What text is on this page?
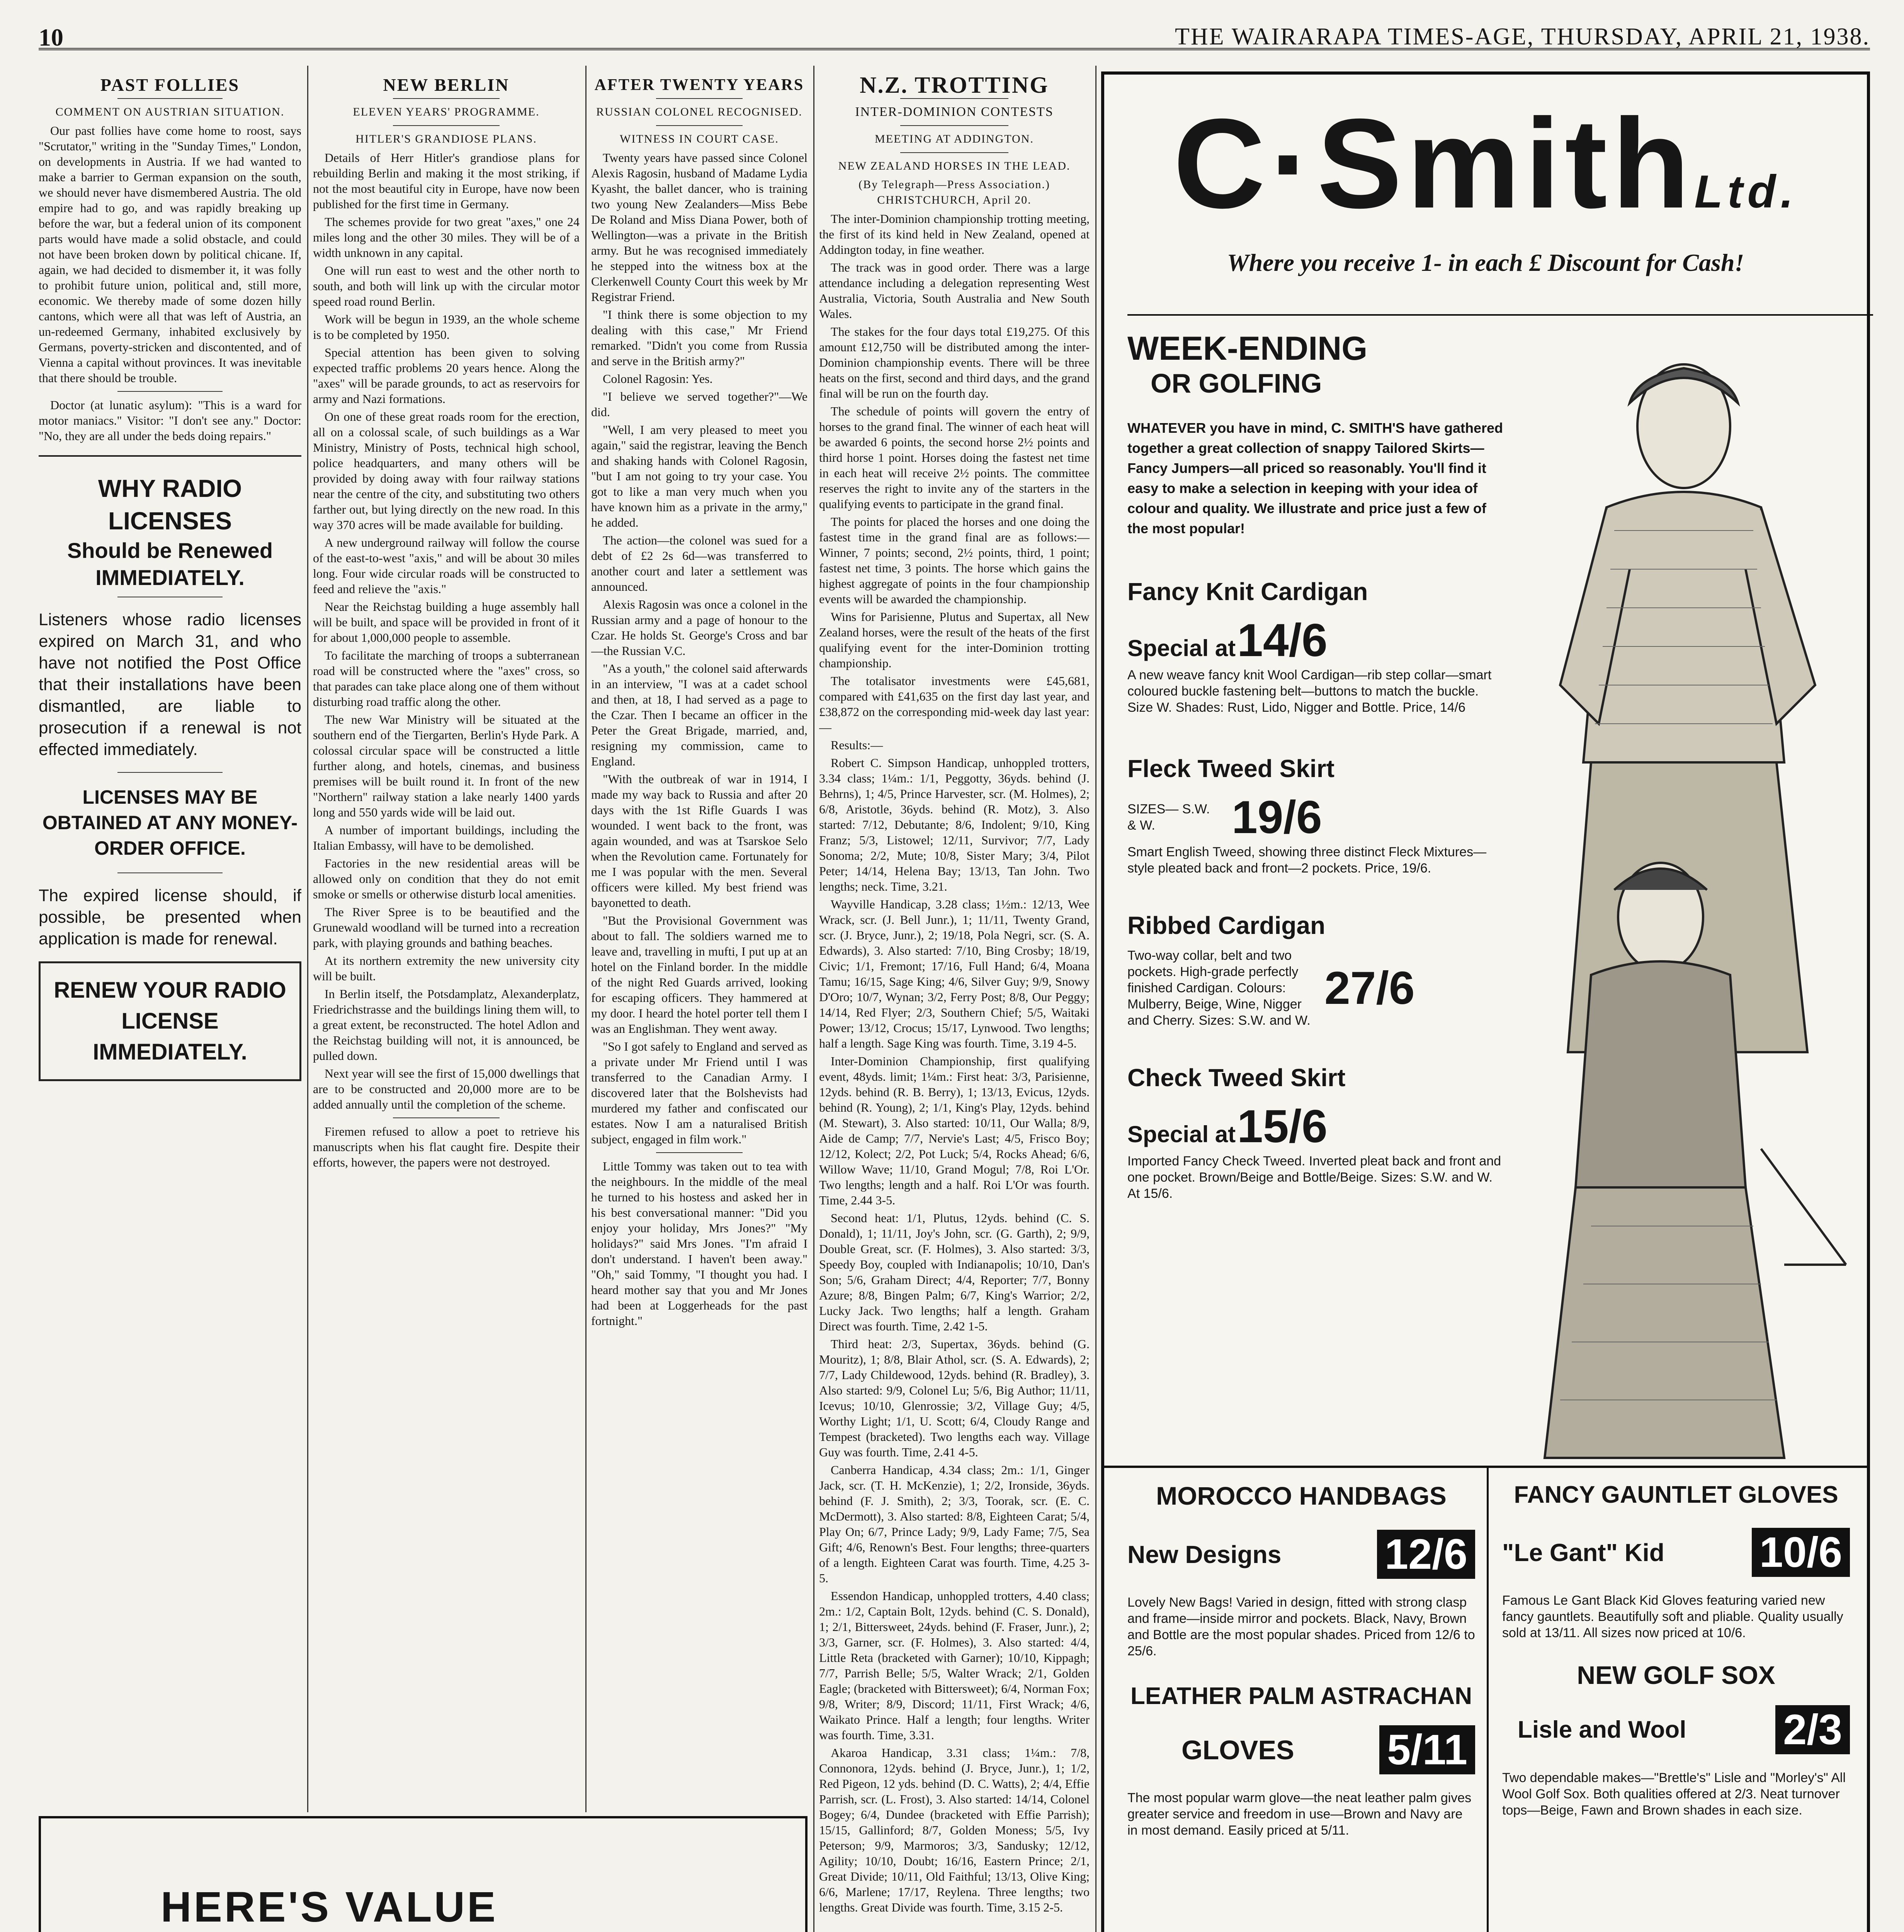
10	THE WAIRARAPA TIMES-AGE, THURSDAY, APRIL 21, 1938.
PAST FOLLIES
COMMENT ON AUSTRIAN SITUATION.

Our past follies have come home to roost, says "Scrutator," writing in the "Sunday Times," London, on developments in Austria. If we had wanted to make a barrier to German expansion on the south, we should never have dismembered Austria. The old empire had to go, and was rapidly breaking up before the war, but a federal union of its component parts would have made a solid obstacle, and could not have been broken down by political chicane. If, again, we had decided to dismember it, it was folly to prohibit future union, political and, still more, economic. We thereby made of some dozen hilly cantons, which were all that was left of Austria, an un-redeemed Germany, inhabited exclusively by Germans, poverty-stricken and discontented, and of Vienna a capital without provinces. It was inevitable that there should be trouble.

Doctor (at lunatic asylum): "This is a ward for motor maniacs." Visitor: "I don't see any." Doctor: "No, they are all under the beds doing repairs."

WHY RADIO LICENSES
Should be Renewed IMMEDIATELY.
Listeners whose radio licenses expired on March 31, and who have not notified the Post Office that their installations have been dismantled, are liable to prosecution if a renewal is not effected immediately.
LICENSES MAY BE OBTAINED AT ANY MONEY-ORDER OFFICE.
The expired license should, if possible, be presented when application is made for renewal.
RENEW YOUR RADIO LICENSE IMMEDIATELY.
NEW BERLIN
ELEVEN YEARS' PROGRAMME.
HITLER'S GRANDIOSE PLANS.

Details of Herr Hitler's grandiose plans for rebuilding Berlin and making it the most striking, if not the most beautiful city in Europe, have now been published for the first time in Germany.

The schemes provide for two great "axes," one 24 miles long and the other 30 miles. They will be of a width unknown in any capital.

One will run east to west and the other north to south, and both will link up with the circular motor speed road round Berlin.

Work will be begun in 1939, an the whole scheme is to be completed by 1950.

Special attention has been given to solving expected traffic problems 20 years hence. Along the "axes" will be parade grounds, to act as reservoirs for army and Nazi formations.

On one of these great roads room for the erection, all on a colossal scale, of such buildings as a War Ministry, Ministry of Posts, technical high school, police headquarters, and many others will be provided by doing away with four railway stations near the centre of the city, and substituting two others farther out, but lying directly on the new road. In this way 370 acres will be made available for building.

A new underground railway will follow the course of the east-to-west "axis," and will be about 30 miles long. Four wide circular roads will be constructed to feed and relieve the "axis."

Near the Reichstag building a huge assembly hall will be built, and space will be provided in front of it for about 1,000,000 people to assemble.

To facilitate the marching of troops a subterranean road will be constructed where the "axes" cross, so that parades can take place along one of them without disturbing road traffic along the other.

The new War Ministry will be situated at the southern end of the Tiergarten, Berlin's Hyde Park. A colossal circular space will be constructed a little further along, and hotels, cinemas, and business premises will be built round it. In front of the new "Northern" railway station a lake nearly 1400 yards long and 550 yards wide will be laid out.

A number of important buildings, including the Italian Embassy, will have to be demolished.

Factories in the new residential areas will be allowed only on condition that they do not emit smoke or smells or otherwise disturb local amenities.

The River Spree is to be beautified and the Grunewald woodland will be turned into a recreation park, with playing grounds and bathing beaches.

At its northern extremity the new university city will be built.

In Berlin itself, the Potsdamplatz, Alexanderplatz, Friedrichstrasse and the buildings lining them will, to a great extent, be reconstructed. The hotel Adlon and the Reichstag building will not, it is announced, be pulled down.

Next year will see the first of 15,000 dwellings that are to be constructed and 20,000 more are to be added annually until the completion of the scheme.

Firemen refused to allow a poet to retrieve his manuscripts when his flat caught fire. Despite their efforts, however, the papers were not destroyed.

AFTER TWENTY YEARS
RUSSIAN COLONEL RECOGNISED.
WITNESS IN COURT CASE.

Twenty years have passed since Colonel Alexis Ragosin, husband of Madame Lydia Kyasht, the ballet dancer, who is training two young New Zealanders—Miss Bebe De Roland and Miss Diana Power, both of Wellington—was a private in the British army. But he was recognised immediately he stepped into the witness box at the Clerkenwell County Court this week by Mr Registrar Friend.

"I think there is some objection to my dealing with this case," Mr Friend remarked. "Didn't you come from Russia and serve in the British army?"

Colonel Ragosin: Yes.

"I believe we served together?"—We did.

"Well, I am very pleased to meet you again," said the registrar, leaving the Bench and shaking hands with Colonel Ragosin, "but I am not going to try your case. You got to like a man very much when you have known him as a private in the army," he added.

The action—the colonel was sued for a debt of £2 2s 6d—was transferred to another court and later a settlement was announced.

Alexis Ragosin was once a colonel in the Russian army and a page of honour to the Czar. He holds St. George's Cross and bar—the Russian V.C.

"As a youth," the colonel said afterwards in an interview, "I was at a cadet school and then, at 18, I had served as a page to the Czar. Then I became an officer in the Peter the Great Brigade, married, and, resigning my commission, came to England.

"With the outbreak of war in 1914, I made my way back to Russia and after 20 days with the 1st Rifle Guards I was wounded. I went back to the front, was again wounded, and was at Tsarskoe Selo when the Revolution came. Fortunately for me I was popular with the men. Several officers were killed. My best friend was bayonetted to death.

"But the Provisional Government was about to fall. The soldiers warned me to leave and, travelling in mufti, I put up at an hotel on the Finland border. In the middle of the night Red Guards arrived, looking for escaping officers. They hammered at my door. I heard the hotel porter tell them I was an Englishman. They went away.

"So I got safely to England and served as a private under Mr Friend until I was transferred to the Canadian Army. I discovered later that the Bolshevists had murdered my father and confiscated our estates. Now I am a naturalised British subject, engaged in film work."

Little Tommy was taken out to tea with the neighbours. In the middle of the meal he turned to his hostess and asked her in his best conversational manner: "Did you enjoy your holiday, Mrs Jones?" "My holidays?" said Mrs Jones. "I'm afraid I don't understand. I haven't been away." "Oh," said Tommy, "I thought you had. I heard mother say that you and Mr Jones had been at Loggerheads for the past fortnight."

N.Z. TROTTING
INTER-DOMINION CONTESTS
MEETING AT ADDINGTON.
NEW ZEALAND HORSES IN THE LEAD.
(By Telegraph—Press Association.) CHRISTCHURCH, April 20.

The inter-Dominion championship trotting meeting, the first of its kind held in New Zealand, opened at Addington today, in fine weather.

The track was in good order. There was a large attendance including a delegation representing West Australia, Victoria, South Australia and New South Wales.

The stakes for the four days total £19,275. Of this amount £12,750 will be distributed among the inter-Dominion championship events. There will be three heats on the first, second and third days, and the grand final will be run on the fourth day.

The schedule of points will govern the entry of horses to the grand final. The winner of each heat will be awarded 6 points, the second horse 2½ points and third horse 1 point. Horses doing the fastest net time in each heat will receive 2½ points. The committee reserves the right to invite any of the starters in the qualifying events to participate in the grand final.

The points for placed the horses and one doing the fastest time in the grand final are as follows:—Winner, 7 points; second, 2½ points, third, 1 point; fastest net time, 3 points. The horse which gains the highest aggregate of points in the four championship events will be awarded the championship.

Wins for Parisienne, Plutus and Supertax, all New Zealand horses, were the result of the heats of the first qualifying event for the inter-Dominion trotting championship.

The totalisator investments were £45,681, compared with £41,635 on the first day last year, and £38,872 on the corresponding mid-week day last year:—

Results:—

Robert C. Simpson Handicap, unhoppled trotters, 3.34 class; 1¼m.: 1/1, Peggotty, 36yds. behind (J. Behrns), 1; 4/5, Prince Harvester, scr. (M. Holmes), 2; 6/8, Aristotle, 36yds. behind (R. Motz), 3. Also started: 7/12, Debutante; 8/6, Indolent; 9/10, King Franz; 5/3, Listowel; 12/11, Survivor; 7/7, Lady Sonoma; 2/2, Mute; 10/8, Sister Mary; 3/4, Pilot Peter; 14/14, Helena Bay; 13/13, Tan John. Two lengths; neck. Time, 3.21.

Wayville Handicap, 3.28 class; 1½m.: 12/13, Wee Wrack, scr. (J. Bell Junr.), 1; 11/11, Twenty Grand, scr. (J. Bryce, Junr.), 2; 19/18, Pola Negri, scr. (S. A. Edwards), 3. Also started: 7/10, Bing Crosby; 18/19, Civic; 1/1, Fremont; 17/16, Full Hand; 6/4, Moana Tamu; 16/15, Sage King; 4/6, Silver Guy; 9/9, Snowy D'Oro; 10/7, Wynan; 3/2, Ferry Post; 8/8, Our Peggy; 14/14, Red Flyer; 2/3, Southern Chief; 5/5, Waitaki Power; 13/12, Crocus; 15/17, Lynwood. Two lengths; half a length. Sage King was fourth. Time, 3.19 4-5.

Inter-Dominion Championship, first qualifying event, 48yds. limit; 1¼m.: First heat: 3/3, Parisienne, 12yds. behind (R. B. Berry), 1; 13/13, Evicus, 12yds. behind (R. Young), 2; 1/1, King's Play, 12yds. behind (M. Stewart), 3. Also started: 10/11, Our Walla; 8/9, Aide de Camp; 7/7, Nervie's Last; 4/5, Frisco Boy; 12/12, Kolect; 2/2, Pot Luck; 5/4, Rocks Ahead; 6/6, Willow Wave; 11/10, Grand Mogul; 7/8, Roi L'Or. Two lengths; length and a half. Roi L'Or was fourth. Time, 2.44 3-5.

Second heat: 1/1, Plutus, 12yds. behind (C. S. Donald), 1; 11/11, Joy's John, scr. (G. Garth), 2; 9/9, Double Great, scr. (F. Holmes), 3. Also started: 3/3, Speedy Boy, coupled with Indianapolis; 10/10, Dan's Son; 5/6, Graham Direct; 4/4, Reporter; 7/7, Bonny Azure; 8/8, Bingen Palm; 6/7, King's Warrior; 2/2, Lucky Jack. Two lengths; half a length. Graham Direct was fourth. Time, 2.42 1-5.

Third heat: 2/3, Supertax, 36yds. behind (G. Mouritz), 1; 8/8, Blair Athol, scr. (S. A. Edwards), 2; 7/7, Lady Childewood, 12yds. behind (R. Bradley), 3. Also started: 9/9, Colonel Lu; 5/6, Big Author; 11/11, Icevus; 10/10, Glenrossie; 3/2, Village Guy; 4/5, Worthy Light; 1/1, U. Scott; 6/4, Cloudy Range and Tempest (bracketed). Two lengths each way. Village Guy was fourth. Time, 2.41 4-5.

Canberra Handicap, 4.34 class; 2m.: 1/1, Ginger Jack, scr. (T. H. McKenzie), 1; 2/2, Ironside, 36yds. behind (F. J. Smith), 2; 3/3, Toorak, scr. (E. C. McDermott), 3. Also started: 8/8, Eighteen Carat; 5/4, Play On; 6/7, Prince Lady; 9/9, Lady Fame; 7/5, Sea Gift; 4/6, Renown's Best. Four lengths; three-quarters of a length. Eighteen Carat was fourth. Time, 4.25 3-5.

Essendon Handicap, unhoppled trotters, 4.40 class; 2m.: 1/2, Captain Bolt, 12yds. behind (C. S. Donald), 1; 2/1, Bittersweet, 24yds. behind (F. Fraser, Junr.), 2; 3/3, Garner, scr. (F. Holmes), 3. Also started: 4/4, Little Reta (bracketed with Garner); 10/10, Kippagh; 7/7, Parrish Belle; 5/5, Walter Wrack; 2/1, Golden Eagle; (bracketed with Bittersweet); 6/4, Norman Fox; 9/8, Writer; 8/9, Discord; 11/11, First Wrack; 4/6, Waikato Prince. Half a length; four lengths. Writer was fourth. Time, 3.31.

Akaroa Handicap, 3.31 class; 1¼m.: 7/8, Connonora, 12yds. behind (J. Bryce, Junr.), 1; 1/2, Red Pigeon, 12 yds. behind (D. C. Watts), 2; 4/4, Effie Parrish, scr. (L. Frost), 3. Also started: 14/14, Colonel Bogey; 6/4, Dundee (bracketed with Effie Parrish); 15/15, Gallinford; 8/7, Golden Moness; 5/5, Ivy Peterson; 9/9, Marmoros; 3/3, Sandusky; 12/12, Agility; 10/10, Doubt; 16/16, Eastern Prince; 2/1, Great Divide; 10/11, Old Faithful; 13/13, Olive King; 6/6, Marlene; 17/17, Reylena. Three lengths; two lengths. Great Divide was fourth. Time, 3.15 2-5.

C·SmithLtd.
Where you receive 1- in each £ Discount for Cash!
WEEK-ENDING
OR GOLFING
WHATEVER you have in mind, C. SMITH'S have gathered together a great collection of snappy Tailored Skirts—Fancy Jumpers—all priced so reasonably. You'll find it easy to make a selection in keeping with your idea of colour and quality. We illustrate and price just a few of the most popular!
Fancy Knit Cardigan
Special at 14/6
A new weave fancy knit Wool Cardigan—rib step collar—smart coloured buckle fastening belt—buttons to match the buckle. Size W. Shades: Rust, Lido, Nigger and Bottle. Price, 14/6
Fleck Tweed Skirt
SIZES— S.W. & W.	19/6
Smart English Tweed, showing three distinct Fleck Mixtures—style pleated back and front—2 pockets. Price, 19/6.
Ribbed Cardigan
Two-way collar, belt and two pockets. High-grade perfectly finished Cardigan. Colours: Mulberry, Beige, Wine, Nigger and Cherry. Sizes: S.W. and W.
27/6
Check Tweed Skirt
Special at 15/6
Imported Fancy Check Tweed. Inverted pleat back and front and one pocket. Brown/Beige and Bottle/Beige. Sizes: S.W. and W. At 15/6.
MOROCCO HANDBAGS
New Designs 12/6
Lovely New Bags! Varied in design, fitted with strong clasp and frame—inside mirror and pockets. Black, Navy, Brown and Bottle are the most popular shades. Priced from 12/6 to 25/6.
LEATHER PALM ASTRACHAN
GLOVES 5/11
The most popular warm glove—the neat leather palm gives greater service and freedom in use—Brown and Navy are in most demand. Easily priced at 5/11.
FANCY GAUNTLET GLOVES
"Le Gant" Kid 10/6
Famous Le Gant Black Kid Gloves featuring varied new fancy gauntlets. Beautifully soft and pliable. Quality usually sold at 13/11. All sizes now priced at 10/6.
NEW GOLF SOX
Lisle and Wool 2/3
Two dependable makes—"Brettle's" Lisle and "Morley's" All Wool Golf Sox. Both qualities offered at 2/3. Neat turnover tops—Beige, Fawn and Brown shades in each size.
HERE'S VALUE
